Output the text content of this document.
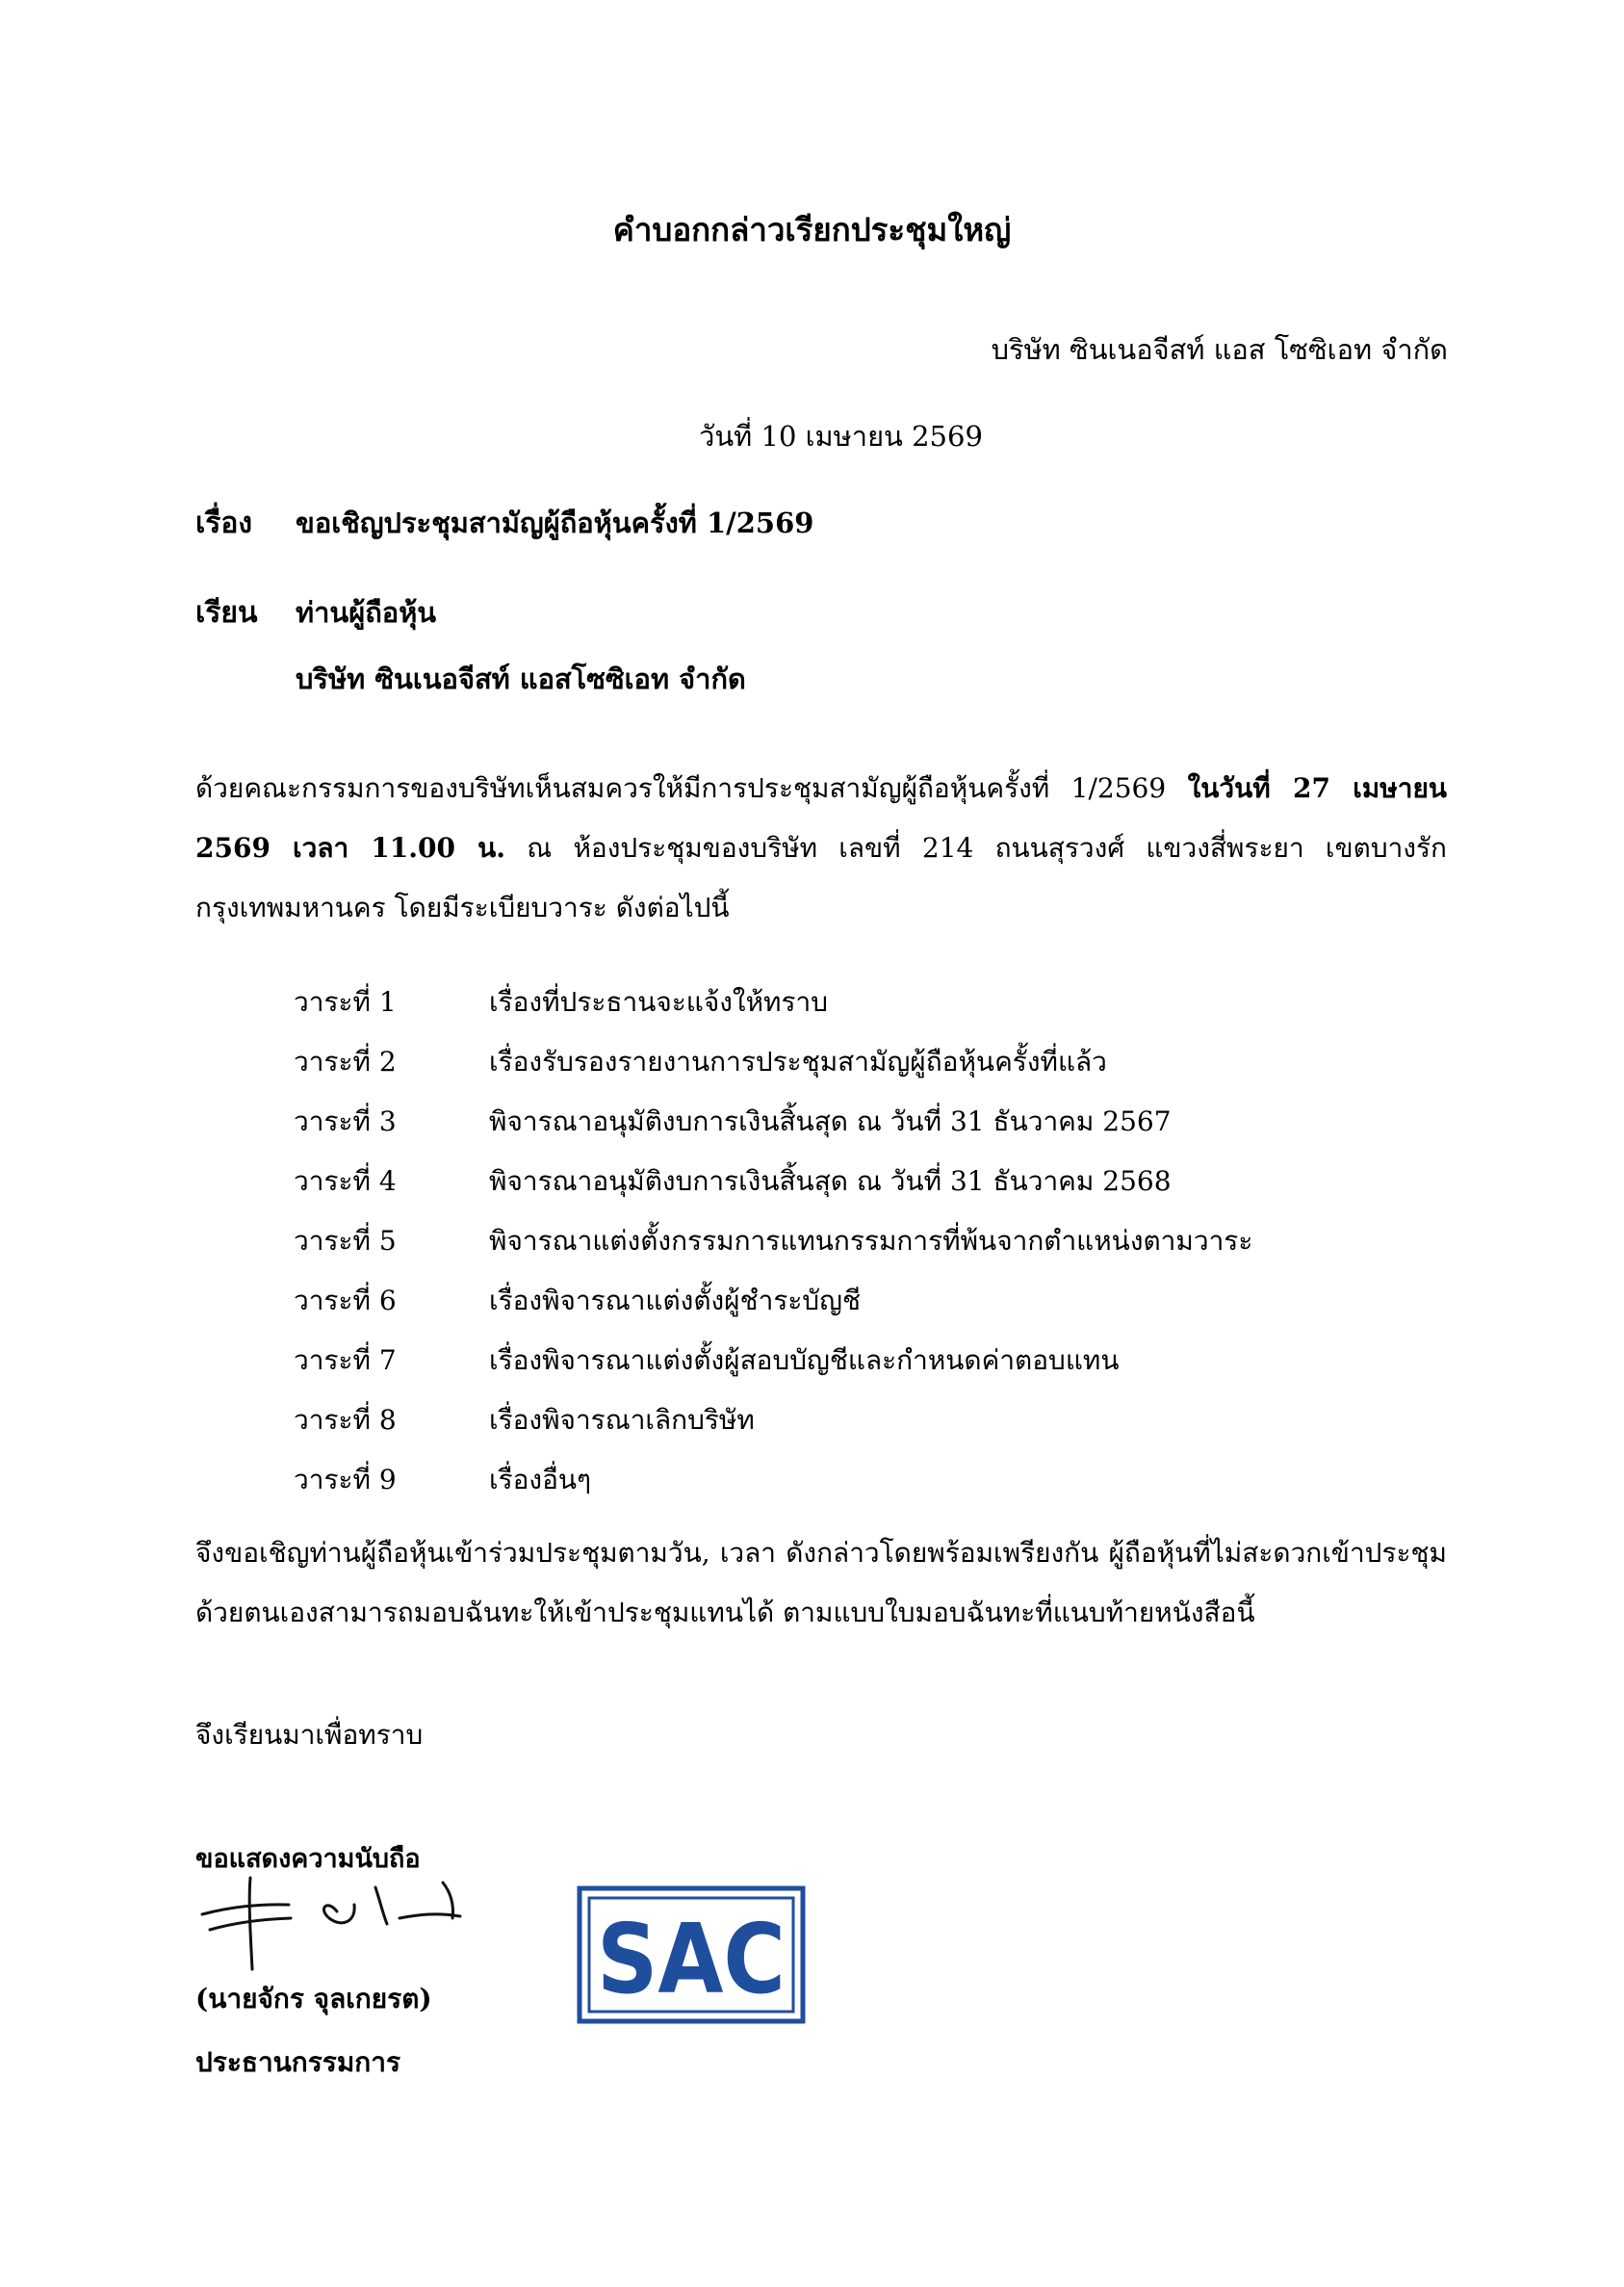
คำบอกกล่าวเรียกประชุมใหญ่
บริษัท ซินเนอจีสท์ แอส โซซิเอท จำกัด
วันที่ 10 เมษายน 2569
เรื่อง ขอเชิญประชุมสามัญผู้ถือหุ้นครั้งที่ 1/2569
เรียน ท่านผู้ถือหุ้น
บริษัท ซินเนอจีสท์ แอสโซซิเอท จำกัด
ด้วยคณะกรรมการของบริษัทเห็นสมควรให้มีการประชุมสามัญผู้ถือหุ้นครั้งที่ 1/2569 ในวันที่ 27 เมษายน 2569 เวลา 11.00 น. ณ ห้องประชุมของบริษัท เลขที่ 214 ถนนสุรวงศ์ แขวงสี่พระยา เขตบางรัก กรุงเทพมหานคร โดยมีระเบียบวาระ ดังต่อไปนี้
วาระที่ 1	เรื่องที่ประธานจะแจ้งให้ทราบ
วาระที่ 2	เรื่องรับรองรายงานการประชุมสามัญผู้ถือหุ้นครั้งที่แล้ว
วาระที่ 3	พิจารณาอนุมัติงบการเงินสิ้นสุด ณ วันที่ 31 ธันวาคม 2567
วาระที่ 4	พิจารณาอนุมัติงบการเงินสิ้นสุด ณ วันที่ 31 ธันวาคม 2568
วาระที่ 5	พิจารณาแต่งตั้งกรรมการแทนกรรมการที่พ้นจากตำแหน่งตามวาระ
วาระที่ 6	เรื่องพิจารณาแต่งตั้งผู้ชำระบัญชี
วาระที่ 7	เรื่องพิจารณาแต่งตั้งผู้สอบบัญชีและกำหนดค่าตอบแทน
วาระที่ 8	เรื่องพิจารณาเลิกบริษัท
วาระที่ 9	เรื่องอื่นๆ
จึงขอเชิญท่านผู้ถือหุ้นเข้าร่วมประชุมตามวัน, เวลา ดังกล่าวโดยพร้อมเพรียงกัน ผู้ถือหุ้นที่ไม่สะดวกเข้าประชุมด้วยตนเองสามารถมอบฉันทะให้เข้าประชุมแทนได้ ตามแบบใบมอบฉันทะที่แนบท้ายหนังสือนี้
จึงเรียนมาเพื่อทราบ
ขอแสดงความนับถือ
(นายจักร จุลเกยรต)
ประธานกรรมการ
SAC
